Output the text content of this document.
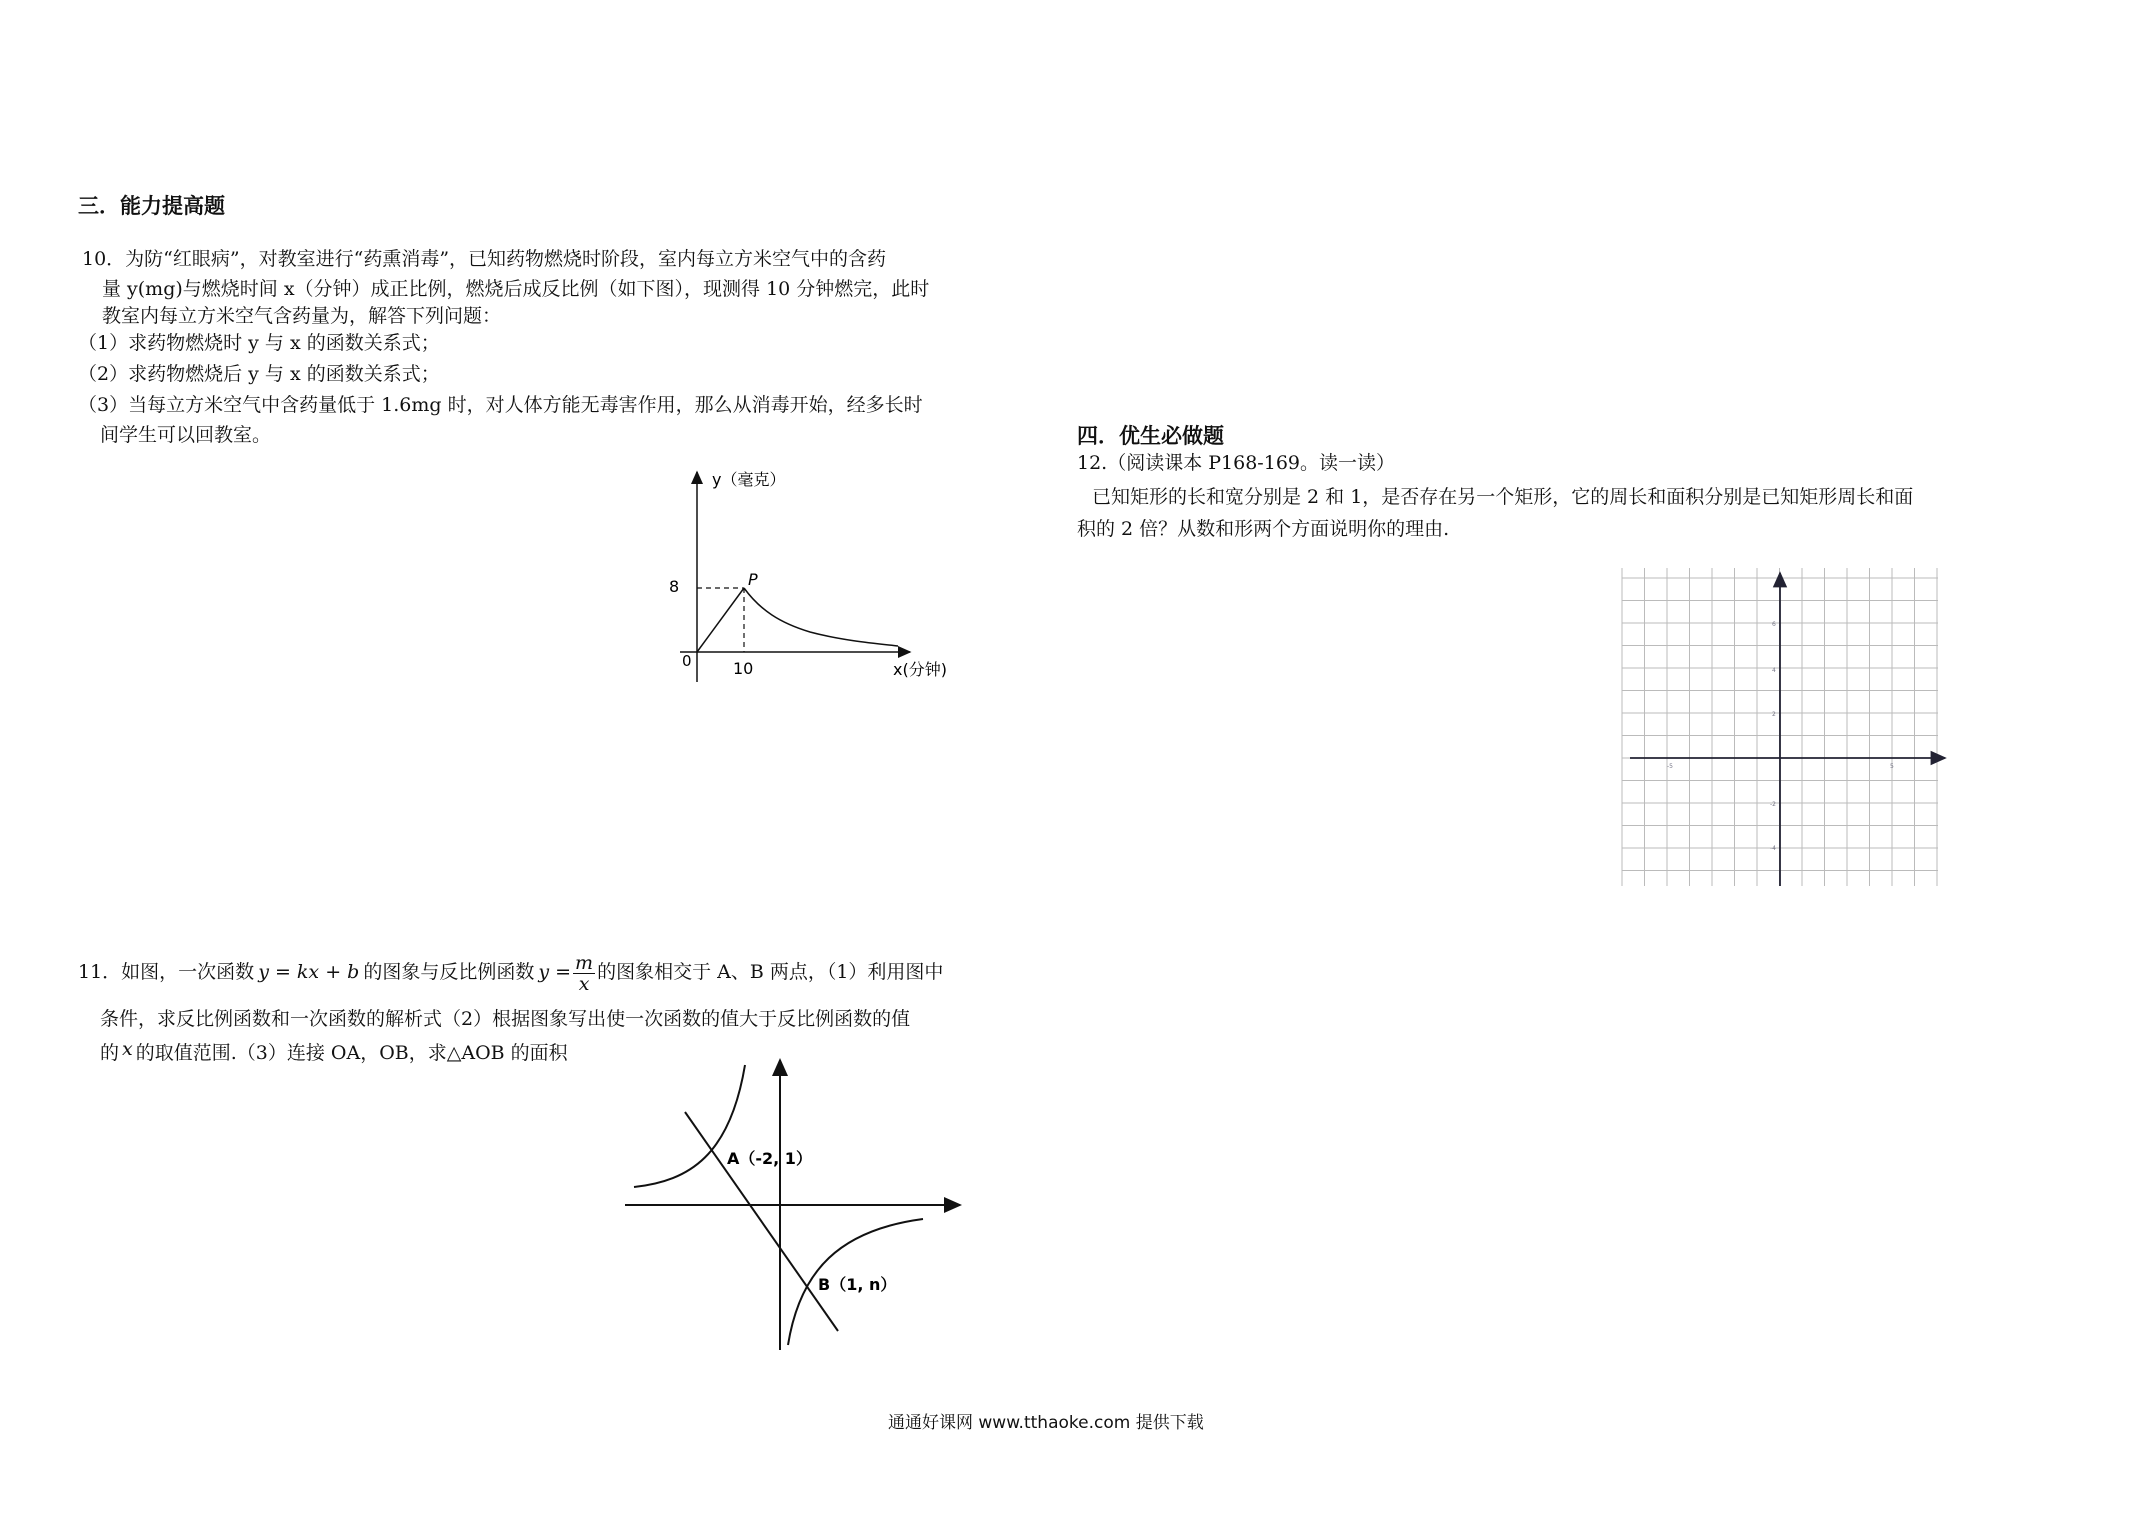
三．能力提高题
10．为防“红眼病”，对教室进行“药熏消毒”，已知药物燃烧时阶段，室内每立方米空气中的含药
量 y(mg)与燃烧时间 x（分钟）成正比例，燃烧后成反比例（如下图），现测得 10 分钟燃完，此时
教室内每立方米空气含药量为，解答下列问题：
（1）求药物燃烧时 y 与 x 的函数关系式；
（2）求药物燃烧后 y 与 x 的函数关系式；
（3）当每立方米空气中含药量低于 1.6mg 时，对人体方能无毒害作用，那么从消毒开始，经多长时
间学生可以回教室。
y（毫克）
P
8
10
0	x(分钟)
11．如图，一次函数 y = kx + b 的图象与反比例函数 $y = \frac{m}{x}$ 的图象相交于 A、B 两点，（1）利用图中
条件，求反比例函数和一次函数的解析式（2）根据图象写出使一次函数的值大于反比例函数的值
的 x 的取值范围.（3）连接 OA，OB，求△AOB 的面积
A（-2, 1）
B（1, n）
四．优生必做题
12.（阅读课本 P168-169。读一读）
已知矩形的长和宽分别是 2 和 1，是否存在另一个矩形，它的周长和面积分别是已知矩形周长和面
积的 2 倍？从数和形两个方面说明你的理由.
6
4
2
-2
-4
-5	5
通通好课网 www.tthaoke.com 提供下载
